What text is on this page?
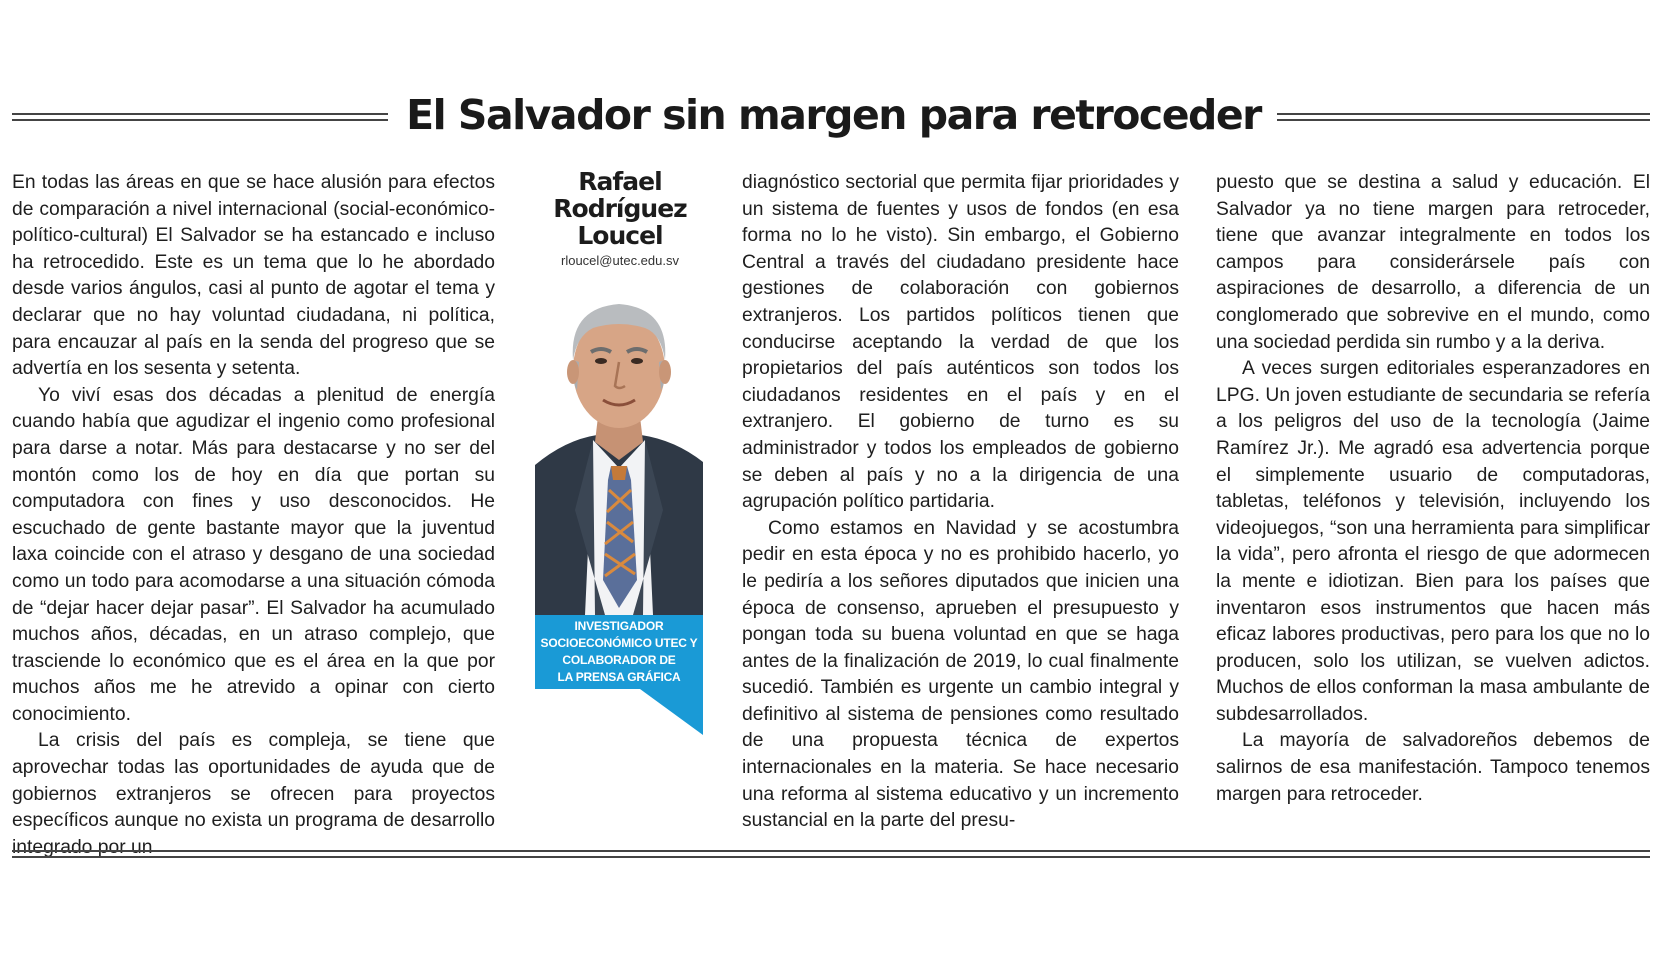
El Salvador sin margen para retroceder

En todas las áreas en que se hace alusión para efectos de comparación a nivel internacional (social-económico-político-cultural) El Salvador se ha estancado e incluso ha retrocedido. Este es un tema que lo he abordado desde varios ángulos, casi al punto de agotar el tema y declarar que no hay voluntad ciudadana, ni política, para encauzar al país en la senda del progreso que se advertía en los sesenta y setenta.

Yo viví esas dos décadas a plenitud de energía cuando había que agudizar el ingenio como profesional para darse a notar. Más para destacarse y no ser del montón como los de hoy en día que portan su computadora con fines y uso desconocidos. He escuchado de gente bastante mayor que la juventud laxa coincide con el atraso y desgano de una sociedad como un todo para acomodarse a una situación cómoda de “dejar hacer dejar pasar”. El Salvador ha acumulado muchos años, décadas, en un atraso complejo, que trasciende lo económico que es el área en la que por muchos años me he atrevido a opinar con cierto conocimiento.

La crisis del país es compleja, se tiene que aprovechar todas las oportunidades de ayuda que de gobiernos extranjeros se ofrecen para proyectos específicos aunque no exista un programa de desarrollo integrado por un

Rafael

Rodríguez

Loucel

rloucel@utec.edu.sv

INVESTIGADOR
SOCIOECONÓMICO UTEC Y
COLABORADOR DE
LA PRENSA GRÁFICA

diagnóstico sectorial que permita fijar prioridades y un sistema de fuentes y usos de fondos (en esa forma no lo he visto). Sin embargo, el Gobierno Central a través del ciudadano presidente hace gestiones de colaboración con gobiernos extranjeros. Los partidos políticos tienen que conducirse aceptando la verdad de que los propietarios del país auténticos son todos los ciudadanos residentes en el país y en el extranjero. El gobierno de turno es su administrador y todos los empleados de gobierno se deben al país y no a la dirigencia de una agrupación político partidaria.

Como estamos en Navidad y se acostumbra pedir en esta época y no es prohibido hacerlo, yo le pediría a los señores diputados que inicien una época de consenso, aprueben el presupuesto y pongan toda su buena voluntad en que se haga antes de la finalización de 2019, lo cual finalmente sucedió. También es urgente un cambio integral y definitivo al sistema de pensiones como resultado de una propuesta técnica de expertos internacionales en la materia. Se hace necesario una reforma al sistema educativo y un incremento sustancial en la parte del presu-

puesto que se destina a salud y educación. El Salvador ya no tiene margen para retroceder, tiene que avanzar integralmente en todos los campos para considerársele país con aspiraciones de desarrollo, a diferencia de un conglomerado que sobrevive en el mundo, como una sociedad perdida sin rumbo y a la deriva.

A veces surgen editoriales esperanzadores en LPG. Un joven estudiante de secundaria se refería a los peligros del uso de la tecnología (Jaime Ramírez Jr.). Me agradó esa advertencia porque el simplemente usuario de computadoras, tabletas, teléfonos y televisión, incluyendo los videojuegos, “son una herramienta para simplificar la vida”, pero afronta el riesgo de que adormecen la mente e idiotizan. Bien para los países que inventaron esos instrumentos que hacen más eficaz labores productivas, pero para los que no lo producen, solo los utilizan, se vuelven adictos. Muchos de ellos conforman la masa ambulante de subdesarrollados.

La mayoría de salvadoreños debemos de salirnos de esa manifestación. Tampoco tenemos margen para retroceder.
